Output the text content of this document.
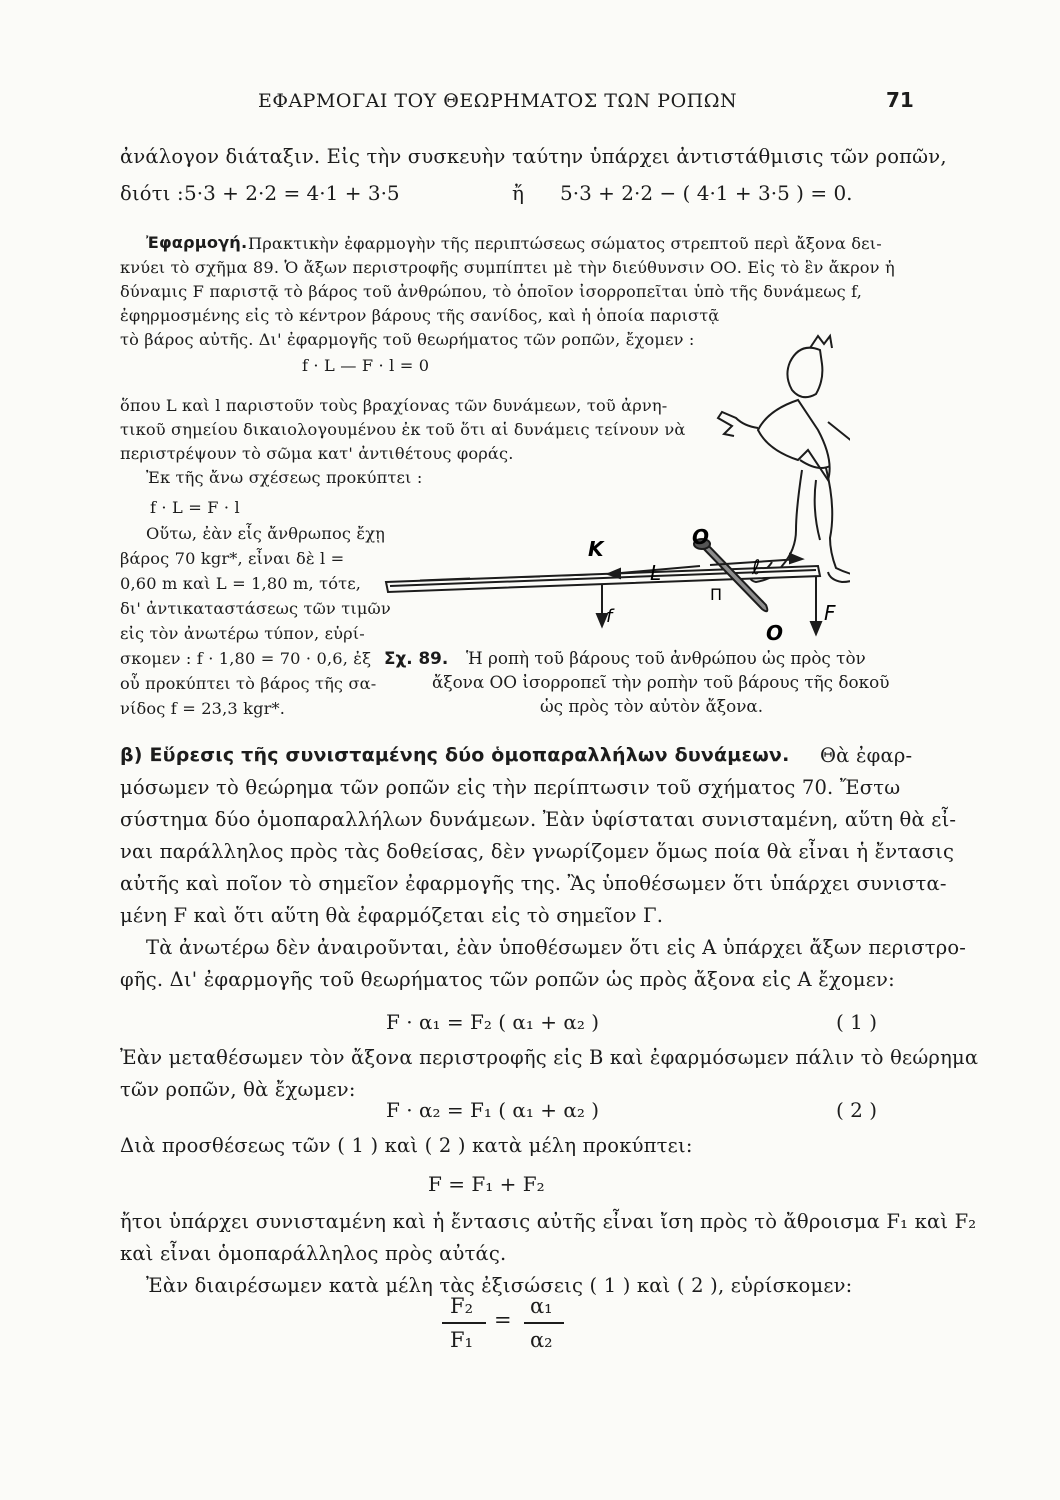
ΕΦΑΡΜΟΓΑΙ ΤΟΥ ΘΕΩΡΗΜΑΤΟΣ ΤΩΝ ΡΟΠΩΝ	71
ἀνάλογον διάταξιν. Εἰς τὴν συσκευὴν ταύτην ὑπάρχει ἀντιστάθμισις τῶν ροπῶν,
διότι : 5·3 + 2·2 = 4·1 + 3·5	ἤ 5·3 + 2·2 − ( 4·1 + 3·5 ) = 0.
Ἐφαρμογή. Πρακτικὴν ἐφαρμογὴν τῆς περιπτώσεως σώματος στρεπτοῦ περὶ ἄξονα δει-
κνύει τὸ σχῆμα 89. Ὁ ἄξων περιστροφῆς συμπίπτει μὲ τὴν διεύθυνσιν ΟΟ. Εἰς τὸ ἓν ἄκρον ἡ
δύναμις F παριστᾷ τὸ βάρος τοῦ ἀνθρώπου, τὸ ὁποῖον ἰσορροπεῖται ὑπὸ τῆς δυνάμεως f,
ἐφηρμοσμένης εἰς τὸ κέντρον βάρους τῆς σανίδος, καὶ ἡ ὁποία παριστᾷ
τὸ βάρος αὐτῆς. Δι' ἐφαρμογῆς τοῦ θεωρήματος τῶν ροπῶν, ἔχομεν :
f · L — F · l = 0
ὅπου L καὶ l παριστοῦν τοὺς βραχίονας τῶν δυνάμεων, τοῦ ἀρνη-
τικοῦ σημείου δικαιολογουμένου ἐκ τοῦ ὅτι αἱ δυνάμεις τείνουν νὰ
περιστρέψουν τὸ σῶμα κατ' ἀντιθέτους φοράς.
Ἐκ τῆς ἄνω σχέσεως προκύπτει :
f · L = F · l
Οὕτω, ἐὰν εἷς ἄνθρωπος ἔχῃ
βάρος 70 kgr*, εἶναι δὲ l =
0,60 m καὶ L = 1,80 m, τότε,
δι' ἀντικαταστάσεως τῶν τιμῶν
εἰς τὸν ἀνωτέρω τύπον, εὑρί-
σκομεν : f · 1,80 = 70 · 0,6, ἐξ
οὗ προκύπτει τὸ βάρος τῆς σα-
νίδος f = 23,3 kgr*.
K	O
O
L	ℓ
f	F
Π
Σχ. 89. Ἡ ροπὴ τοῦ βάρους τοῦ ἀνθρώπου ὡς πρὸς τὸν
ἄξονα ΟΟ ἰσορροπεῖ τὴν ροπὴν τοῦ βάρους τῆς δοκοῦ
ὡς πρὸς τὸν αὐτὸν ἄξονα.
β) Εὕρεσις τῆς συνισταμένης δύο ὁμοπαραλλήλων δυνάμεων. Θὰ ἐφαρ-
μόσωμεν τὸ θεώρημα τῶν ροπῶν εἰς τὴν περίπτωσιν τοῦ σχήματος 70. Ἔστω
σύστημα δύο ὁμοπαραλλήλων δυνάμεων. Ἐὰν ὑφίσταται συνισταμένη, αὕτη θὰ εἶ-
ναι παράλληλος πρὸς τὰς δοθείσας, δὲν γνωρίζομεν ὅμως ποία θὰ εἶναι ἡ ἔντασις
αὐτῆς καὶ ποῖον τὸ σημεῖον ἐφαρμογῆς της. Ἂς ὑποθέσωμεν ὅτι ὑπάρχει συνιστα-
μένη F καὶ ὅτι αὕτη θὰ ἐφαρμόζεται εἰς τὸ σημεῖον Γ.
Τὰ ἀνωτέρω δὲν ἀναιροῦνται, ἐὰν ὑποθέσωμεν ὅτι εἰς Α ὑπάρχει ἄξων περιστρο-
φῆς. Δι' ἐφαρμογῆς τοῦ θεωρήματος τῶν ροπῶν ὡς πρὸς ἄξονα εἰς Α ἔχομεν:
F · α₁ = F₂ ( α₁ + α₂ )	( 1 )
Ἐὰν μεταθέσωμεν τὸν ἄξονα περιστροφῆς εἰς Β καὶ ἐφαρμόσωμεν πάλιν τὸ θεώρημα
τῶν ροπῶν, θὰ ἔχωμεν:
F · α₂ = F₁ ( α₁ + α₂ )	( 2 )
Διὰ προσθέσεως τῶν ( 1 ) καὶ ( 2 ) κατὰ μέλη προκύπτει:
F = F₁ + F₂
ἤτοι ὑπάρχει συνισταμένη καὶ ἡ ἔντασις αὐτῆς εἶναι ἴση πρὸς τὸ ἄθροισμα F₁ καὶ F₂
καὶ εἶναι ὁμοπαράλληλος πρὸς αὐτάς.
Ἐὰν διαιρέσωμεν κατὰ μέλη τὰς ἐξισώσεις ( 1 ) καὶ ( 2 ), εὑρίσκομεν:
F₂
F₁
=
α₁
α₂
